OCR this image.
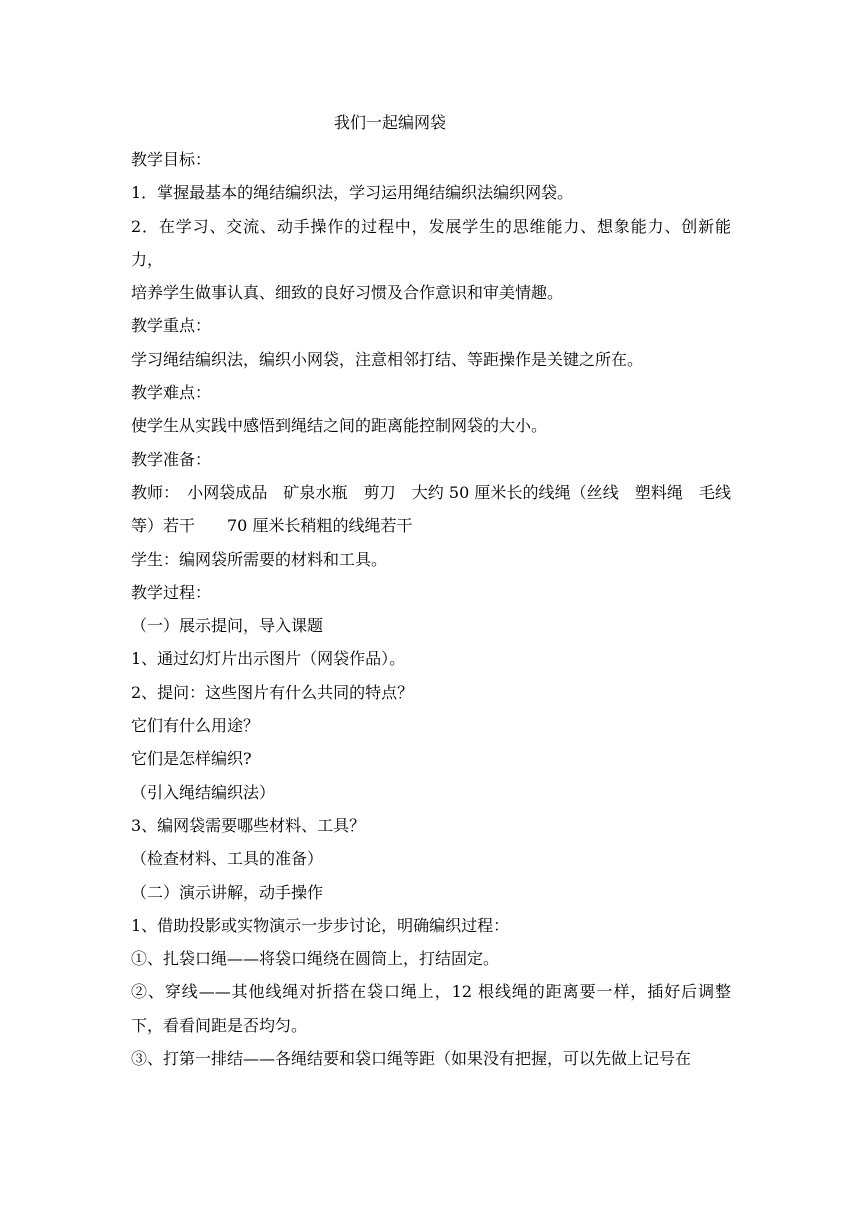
我们一起编网袋

教学目标：

1．掌握最基本的绳结编织法，学习运用绳结编织法编织网袋。

2．在学习、交流、动手操作的过程中，发展学生的思维能力、想象能力、创新能力，

培养学生做事认真、细致的良好习惯及合作意识和审美情趣。

教学重点：

学习绳结编织法，编织小网袋，注意相邻打结、等距操作是关键之所在。

教学难点：

使学生从实践中感悟到绳结之间的距离能控制网袋的大小。

教学准备：

教师：　小网袋成品　矿泉水瓶　剪刀　大约 50 厘米长的线绳（丝线　塑料绳　毛线等）若干　　70 厘米长稍粗的线绳若干

学生：编网袋所需要的材料和工具。

教学过程：

（一）展示提问，导入课题

1、通过幻灯片出示图片（网袋作品）。

2、提问：这些图片有什么共同的特点？

它们有什么用途？

它们是怎样编织?

（引入绳结编织法）

3、编网袋需要哪些材料、工具？

（检查材料、工具的准备）

（二）演示讲解，动手操作

1、借助投影或实物演示一步步讨论，明确编织过程：

①、扎袋口绳——将袋口绳绕在圆筒上，打结固定。

②、穿线——其他线绳对折搭在袋口绳上，12 根线绳的距离要一样，插好后调整下，看看间距是否均匀。

③、打第一排结——各绳结要和袋口绳等距（如果没有把握，可以先做上记号在
